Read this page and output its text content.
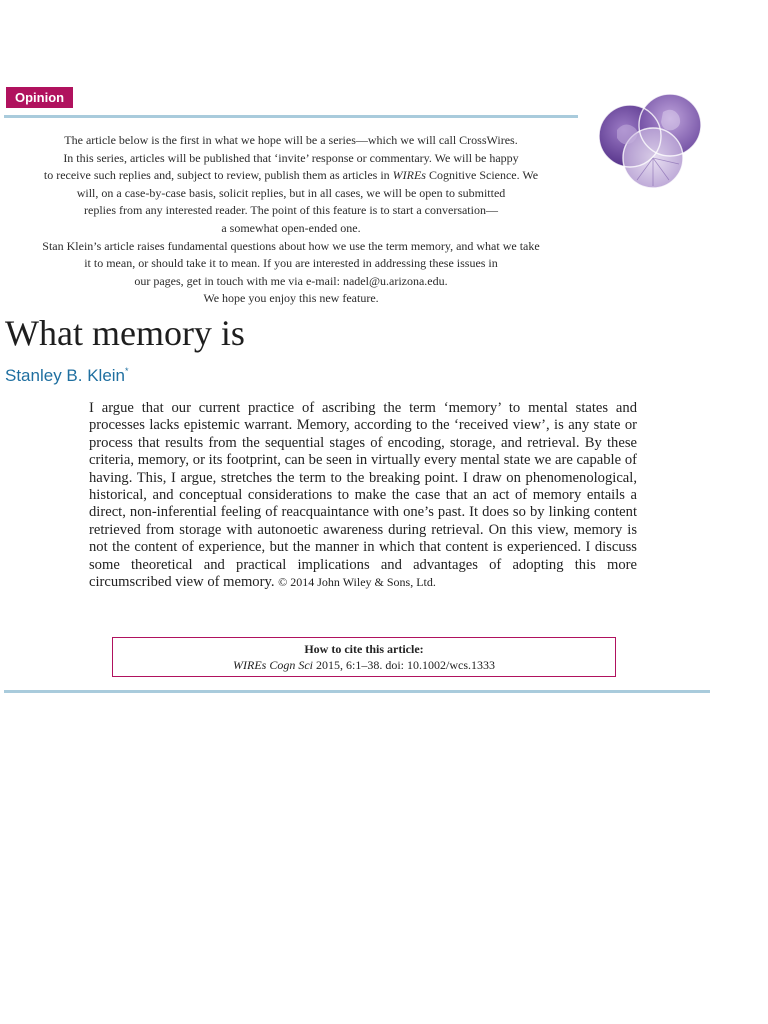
Opinion
The article below is the first in what we hope will be a series—which we will call CrossWires.
In this series, articles will be published that ‘invite’ response or commentary. We will be happy
to receive such replies and, subject to review, publish them as articles in WIREs Cognitive Science. We
will, on a case-by-case basis, solicit replies, but in all cases, we will be open to submitted
replies from any interested reader. The point of this feature is to start a conversation—
a somewhat open-ended one.
Stan Klein’s article raises fundamental questions about how we use the term memory, and what we take
it to mean, or should take it to mean. If you are interested in addressing these issues in
our pages, get in touch with me via e-mail: nadel@u.arizona.edu.
We hope you enjoy this new feature.
What memory is
Stanley B. Klein*
I argue that our current practice of ascribing the term ‘memory’ to mental states and processes lacks epistemic warrant. Memory, according to the ‘received view’, is any state or process that results from the sequential stages of encoding, storage, and retrieval. By these criteria, memory, or its footprint, can be seen in virtually every mental state we are capable of having. This, I argue, stretches the term to the breaking point. I draw on phenomenological, historical, and conceptual considerations to make the case that an act of memory entails a direct, non-inferential feeling of reacquaintance with one’s past. It does so by linking content retrieved from storage with autonoetic awareness during retrieval. On this view, memory is not the content of experience, but the manner in which that content is experienced. I discuss some theoretical and practical implications and advantages of adopting this more circumscribed view of memory. © 2014 John Wiley & Sons, Ltd.
How to cite this article:
WIREs Cogn Sci 2015, 6:1–38. doi: 10.1002/wcs.1333
